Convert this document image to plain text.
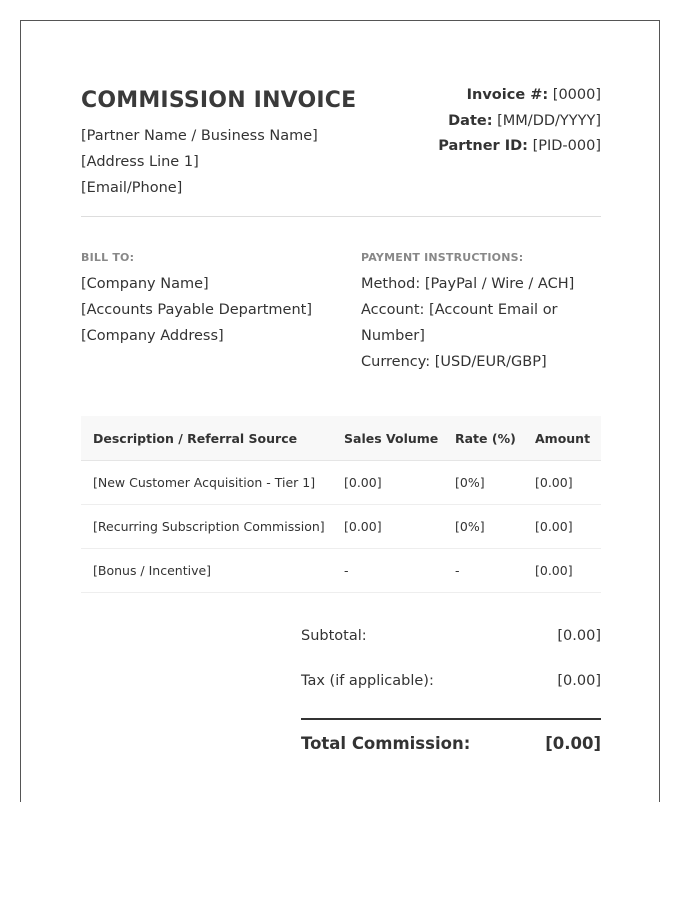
COMMISSION INVOICE
[Partner Name / Business Name]
[Address Line 1]
[Email/Phone]
Invoice #: [0000]
Date: [MM/DD/YYYY]
Partner ID: [PID-000]
BILL TO:
[Company Name]
[Accounts Payable Department]
[Company Address]
PAYMENT INSTRUCTIONS:
Method: [PayPal / Wire / ACH]
Account: [Account Email or Number]
Currency: [USD/EUR/GBP]
Description / Referral Source	Sales Volume	Rate (%)	Amount
[New Customer Acquisition - Tier 1]	[0.00]	[0%]	[0.00]
[Recurring Subscription Commission]	[0.00]	[0%]	[0.00]
[Bonus / Incentive]	-	-	[0.00]
Subtotal:	[0.00]
Tax (if applicable):	[0.00]
Total Commission:	[0.00]
